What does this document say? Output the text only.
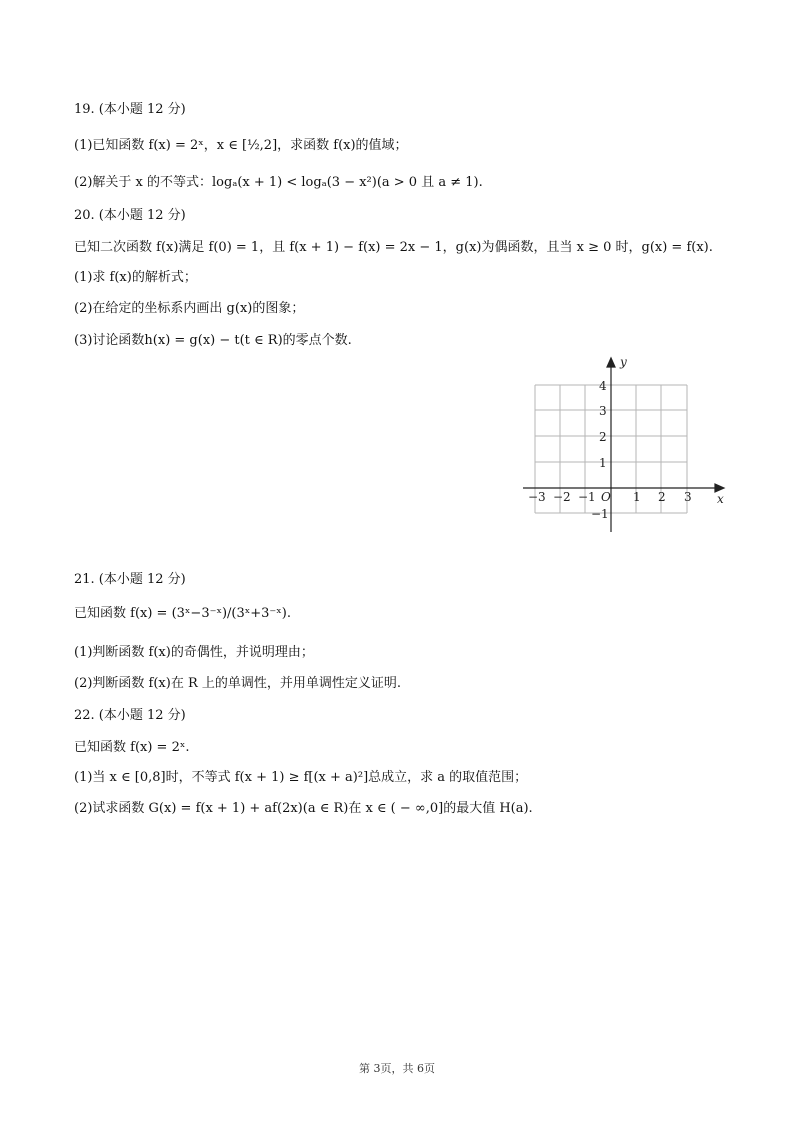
19. (本小题 12 分)
(1)已知函数 f(x) = 2ˣ，x ∈ [½,2]，求函数 f(x)的值域；
(2)解关于 x 的不等式：logₐ(x + 1) < logₐ(3 − x²)(a > 0 且 a ≠ 1).
20. (本小题 12 分)
已知二次函数 f(x)满足 f(0) = 1，且 f(x + 1) − f(x) = 2x − 1，g(x)为偶函数，且当 x ≥ 0 时，g(x) = f(x).
(1)求 f(x)的解析式；
(2)在给定的坐标系内画出 g(x)的图象；
(3)讨论函数h(x) = g(x) − t(t ∈ R)的零点个数.
y
x
O
−3 −2 −1	1 2 3
4
3
2
1
−1
21. (本小题 12 分)
已知函数 f(x) = (3ˣ−3⁻ˣ)/(3ˣ+3⁻ˣ).
(1)判断函数 f(x)的奇偶性，并说明理由；
(2)判断函数 f(x)在 R 上的单调性，并用单调性定义证明.
22. (本小题 12 分)
已知函数 f(x) = 2ˣ.
(1)当 x ∈ [0,8]时，不等式 f(x + 1) ≥ f[(x + a)²]总成立，求 a 的取值范围；
(2)试求函数 G(x) = f(x + 1) + af(2x)(a ∈ R)在 x ∈ ( − ∞,0]的最大值 H(a).
第 3页，共 6页
